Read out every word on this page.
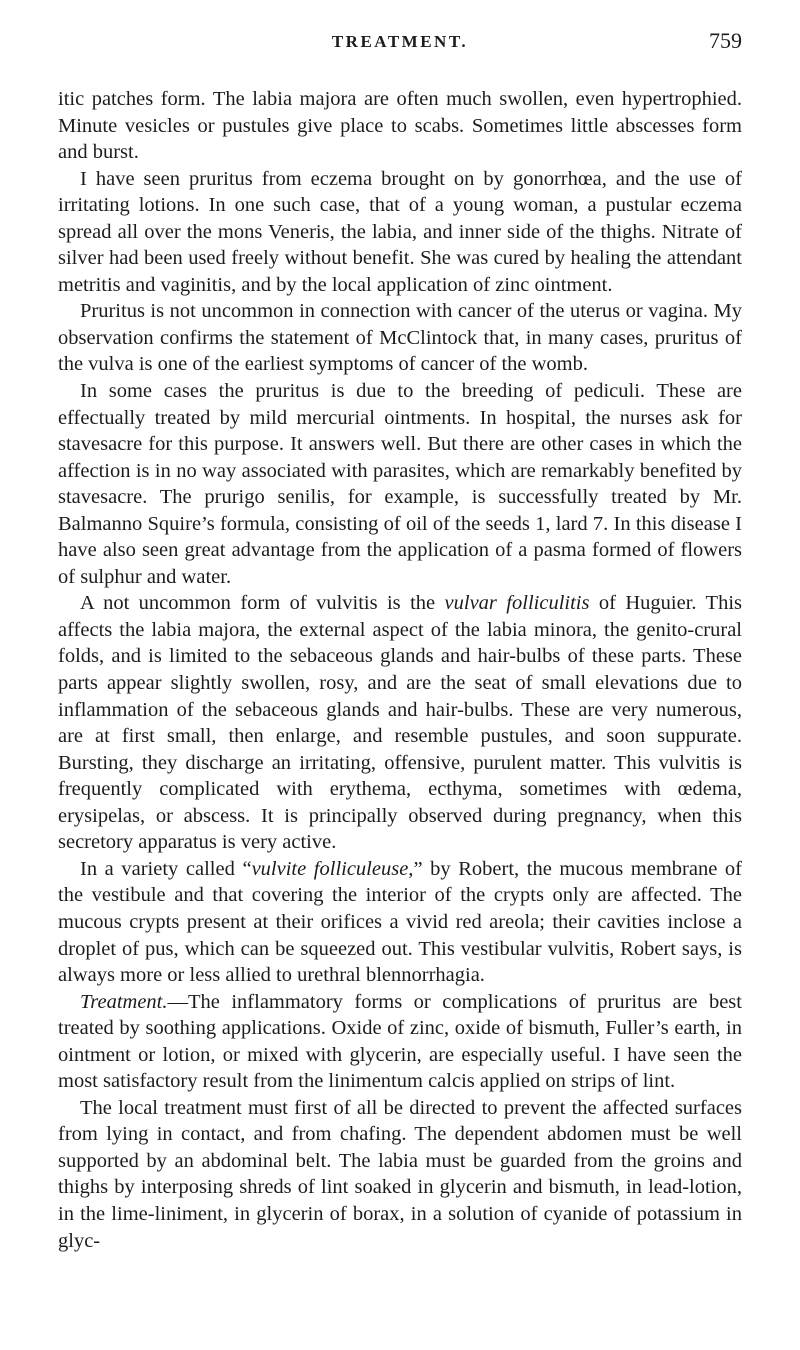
TREATMENT.	759

itic patches form. The labia majora are often much swollen, even hypertrophied. Minute vesicles or pustules give place to scabs. Sometimes little abscesses form and burst.

I have seen pruritus from eczema brought on by gonorrhœa, and the use of irritating lotions. In one such case, that of a young woman, a pustular eczema spread all over the mons Veneris, the labia, and inner side of the thighs. Nitrate of silver had been used freely without benefit. She was cured by healing the attendant metritis and vaginitis, and by the local application of zinc ointment.

Pruritus is not uncommon in connection with cancer of the uterus or vagina. My observation confirms the statement of McClintock that, in many cases, pruritus of the vulva is one of the earliest symptoms of cancer of the womb.

In some cases the pruritus is due to the breeding of pediculi. These are effectually treated by mild mercurial ointments. In hospital, the nurses ask for stavesacre for this purpose. It answers well. But there are other cases in which the affection is in no way associated with parasites, which are remarkably benefited by stavesacre. The prurigo senilis, for example, is successfully treated by Mr. Balmanno Squire’s formula, consisting of oil of the seeds 1, lard 7. In this disease I have also seen great advantage from the application of a pasma formed of flowers of sulphur and water.

A not uncommon form of vulvitis is the vulvar folliculitis of Huguier. This affects the labia majora, the external aspect of the labia minora, the genito-crural folds, and is limited to the sebaceous glands and hair-bulbs of these parts. These parts appear slightly swollen, rosy, and are the seat of small elevations due to inflammation of the sebaceous glands and hair-bulbs. These are very numerous, are at first small, then enlarge, and resemble pustules, and soon suppurate. Bursting, they discharge an irritating, offensive, purulent matter. This vulvitis is frequently complicated with erythema, ecthyma, sometimes with œdema, erysipelas, or abscess. It is principally observed during pregnancy, when this secretory apparatus is very active.

In a variety called “vulvite folliculeuse,” by Robert, the mucous membrane of the vestibule and that covering the interior of the crypts only are affected. The mucous crypts present at their orifices a vivid red areola; their cavities inclose a droplet of pus, which can be squeezed out. This vestibular vulvitis, Robert says, is always more or less allied to urethral blennorrhagia.

Treatment.—The inflammatory forms or complications of pruritus are best treated by soothing applications. Oxide of zinc, oxide of bismuth, Fuller’s earth, in ointment or lotion, or mixed with glycerin, are especially useful. I have seen the most satisfactory result from the linimentum calcis applied on strips of lint.

The local treatment must first of all be directed to prevent the affected surfaces from lying in contact, and from chafing. The dependent abdomen must be well supported by an abdominal belt. The labia must be guarded from the groins and thighs by interposing shreds of lint soaked in glycerin and bismuth, in lead-lotion, in the lime-liniment, in glycerin of borax, in a solution of cyanide of potassium in glyc-
